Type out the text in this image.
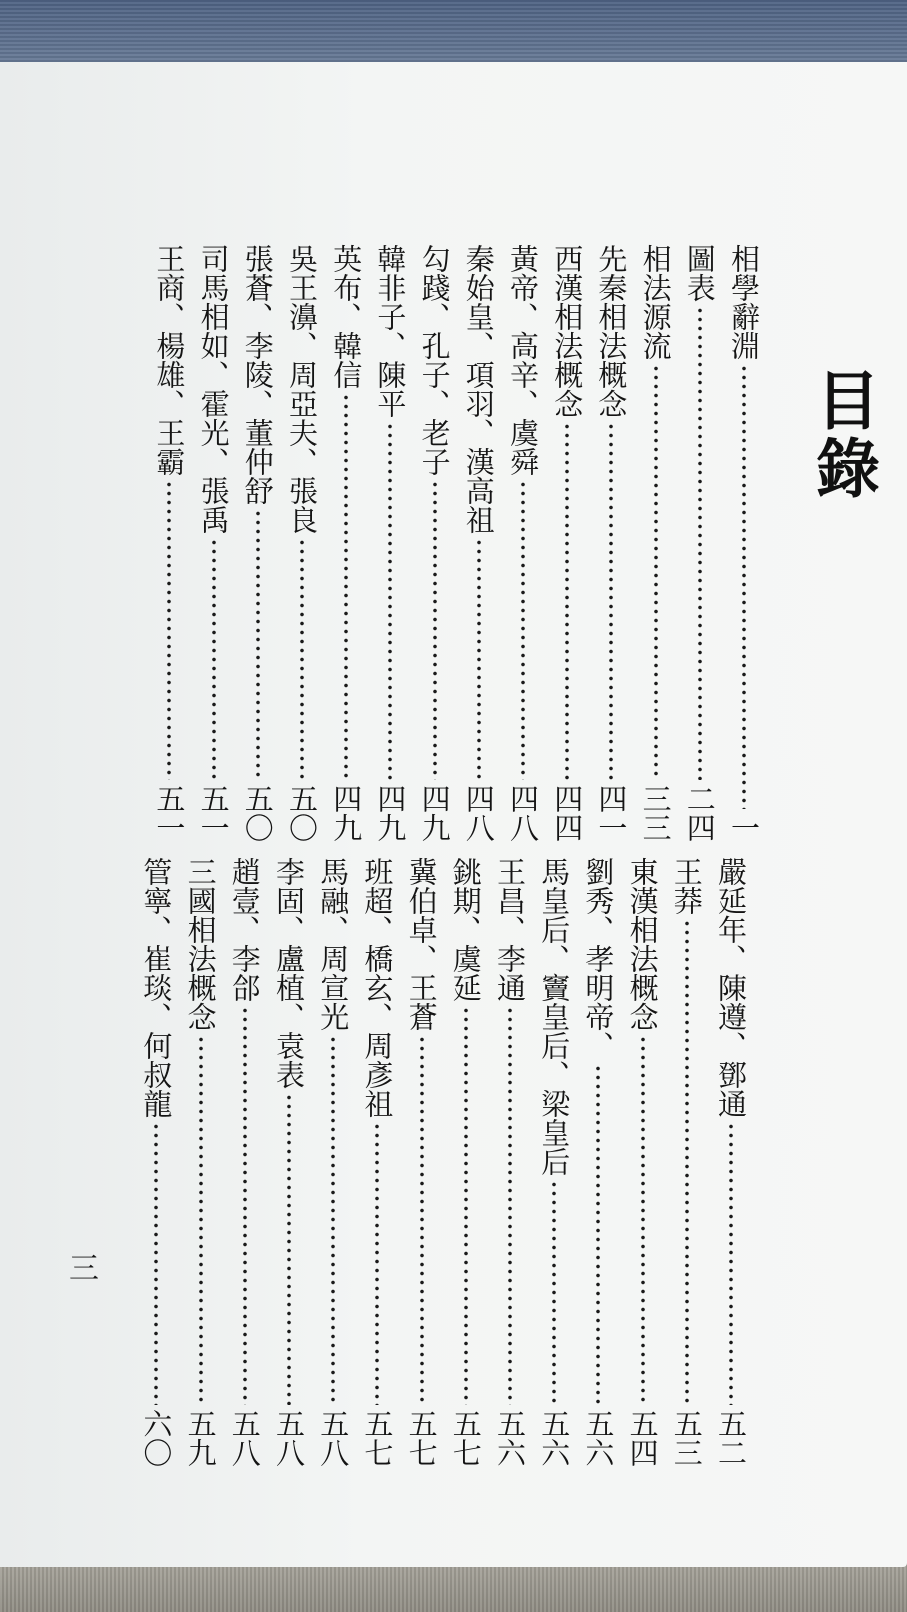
目錄
相學辭淵
一
圖表
二四
相法源流
三三
先秦相法概念
四一
西漢相法概念
四四
黃帝、高辛、虞舜
四八
秦始皇、項羽、漢高祖
四八
勾踐、孔子、老子
四九
韓非子、陳平
四九
英布、韓信
四九
吳王濞、周亞夫、張良
五〇
張蒼、李陵、董仲舒
五〇
司馬相如、霍光、張禹
五一
王商、楊雄、王霸
五一
嚴延年、陳遵、鄧通
五二
王莽
五三
東漢相法概念
五四
劉秀、孝明帝、
五六
馬皇后、竇皇后、梁皇后
五六
王昌、李通
五六
銚期、虞延
五七
冀伯卓、王蒼
五七
班超、橋玄、周彥祖
五七
馬融、周宣光
五八
李固、盧植、袁表
五八
趙壹、李郃
五八
三國相法概念
五九
管寧、崔琰、何叔龍
六〇
三
